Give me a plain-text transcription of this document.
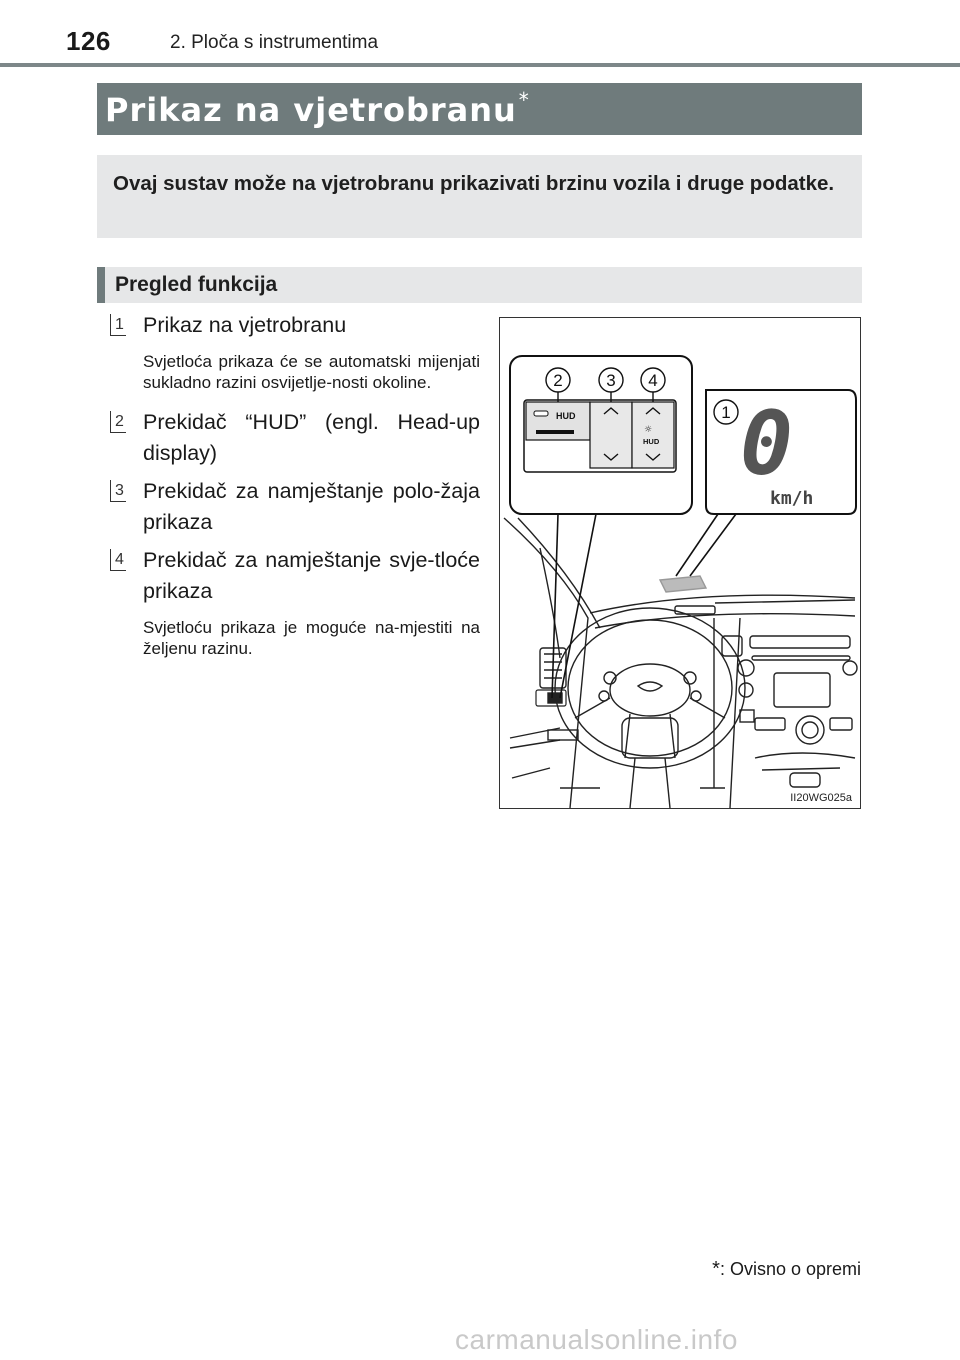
126	2. Ploča s instrumentima
Prikaz na vjetrobranu *
Ovaj sustav može na vjetrobranu prikazivati brzinu vozila i druge podatke.
Pregled funkcija
1 Prikaz na vjetrobranu
Svjetloća prikaza će se automatski mijenjati sukladno razini osvijetlje-nosti okoline.
2 Prekidač “HUD” (engl. Head-up display)
3 Prekidač za namještanje polo-žaja prikaza
4 Prekidač za namještanje svje-tloće prikaza
Svjetloću prikaza je moguće na-mjestiti na željenu razinu.
HUD
☼
HUD 0
km/h
2	3 4
1
II20WG025a
*: Ovisno o opremi
carmanualsonline.info
